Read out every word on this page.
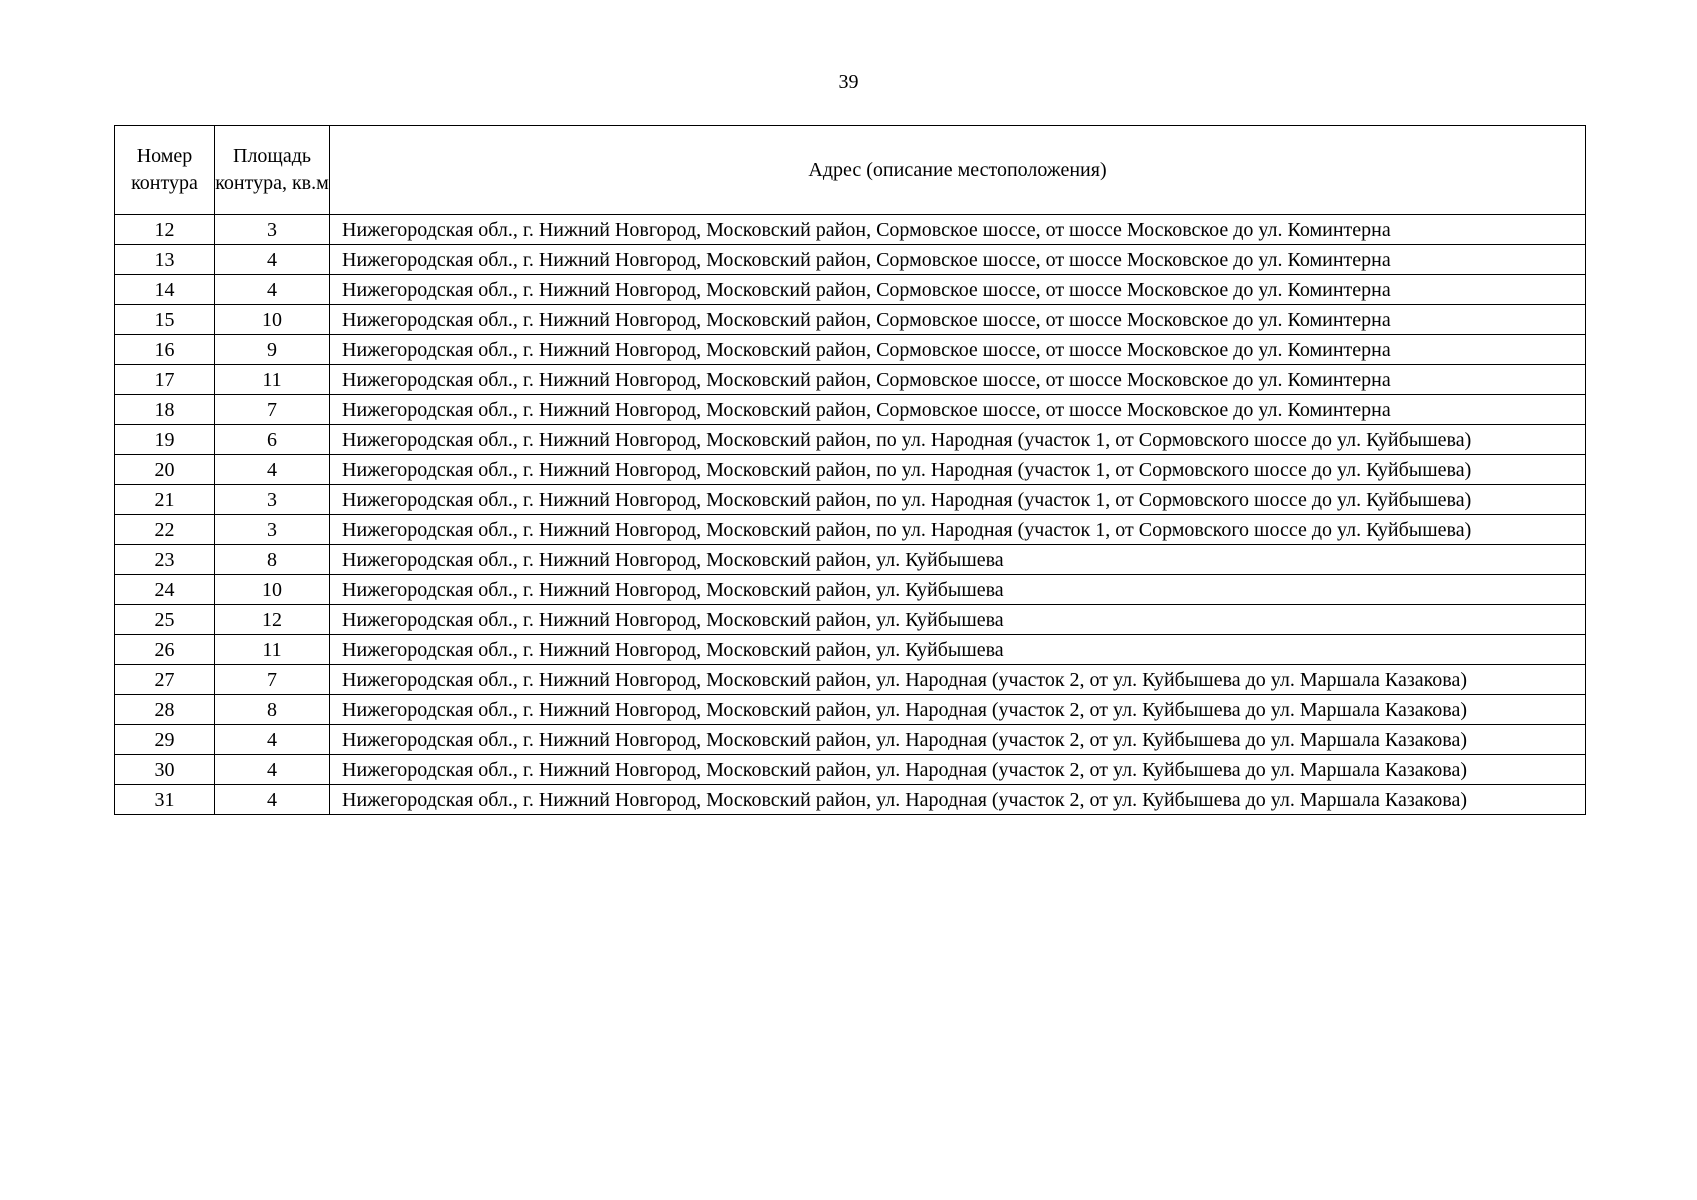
39
Номер контура	Площадь контура, кв.м	Адрес (описание местоположения)
12	3	Нижегородская обл., г. Нижний Новгород, Московский район, Сормовское шоссе, от шоссе Московское до ул. Коминтерна
13	4	Нижегородская обл., г. Нижний Новгород, Московский район, Сормовское шоссе, от шоссе Московское до ул. Коминтерна
14	4	Нижегородская обл., г. Нижний Новгород, Московский район, Сормовское шоссе, от шоссе Московское до ул. Коминтерна
15	10	Нижегородская обл., г. Нижний Новгород, Московский район, Сормовское шоссе, от шоссе Московское до ул. Коминтерна
16	9	Нижегородская обл., г. Нижний Новгород, Московский район, Сормовское шоссе, от шоссе Московское до ул. Коминтерна
17	11	Нижегородская обл., г. Нижний Новгород, Московский район, Сормовское шоссе, от шоссе Московское до ул. Коминтерна
18	7	Нижегородская обл., г. Нижний Новгород, Московский район, Сормовское шоссе, от шоссе Московское до ул. Коминтерна
19	6	Нижегородская обл., г. Нижний Новгород, Московский район, по ул. Народная (участок 1, от Сормовского шоссе до ул. Куйбышева)
20	4	Нижегородская обл., г. Нижний Новгород, Московский район, по ул. Народная (участок 1, от Сормовского шоссе до ул. Куйбышева)
21	3	Нижегородская обл., г. Нижний Новгород, Московский район, по ул. Народная (участок 1, от Сормовского шоссе до ул. Куйбышева)
22	3	Нижегородская обл., г. Нижний Новгород, Московский район, по ул. Народная (участок 1, от Сормовского шоссе до ул. Куйбышева)
23	8	Нижегородская обл., г. Нижний Новгород, Московский район, ул. Куйбышева
24	10	Нижегородская обл., г. Нижний Новгород, Московский район, ул. Куйбышева
25	12	Нижегородская обл., г. Нижний Новгород, Московский район, ул. Куйбышева
26	11	Нижегородская обл., г. Нижний Новгород, Московский район, ул. Куйбышева
27	7	Нижегородская обл., г. Нижний Новгород, Московский район, ул. Народная (участок 2, от ул. Куйбышева до ул. Маршала Казакова)
28	8	Нижегородская обл., г. Нижний Новгород, Московский район, ул. Народная (участок 2, от ул. Куйбышева до ул. Маршала Казакова)
29	4	Нижегородская обл., г. Нижний Новгород, Московский район, ул. Народная (участок 2, от ул. Куйбышева до ул. Маршала Казакова)
30	4	Нижегородская обл., г. Нижний Новгород, Московский район, ул. Народная (участок 2, от ул. Куйбышева до ул. Маршала Казакова)
31	4	Нижегородская обл., г. Нижний Новгород, Московский район, ул. Народная (участок 2, от ул. Куйбышева до ул. Маршала Казакова)
